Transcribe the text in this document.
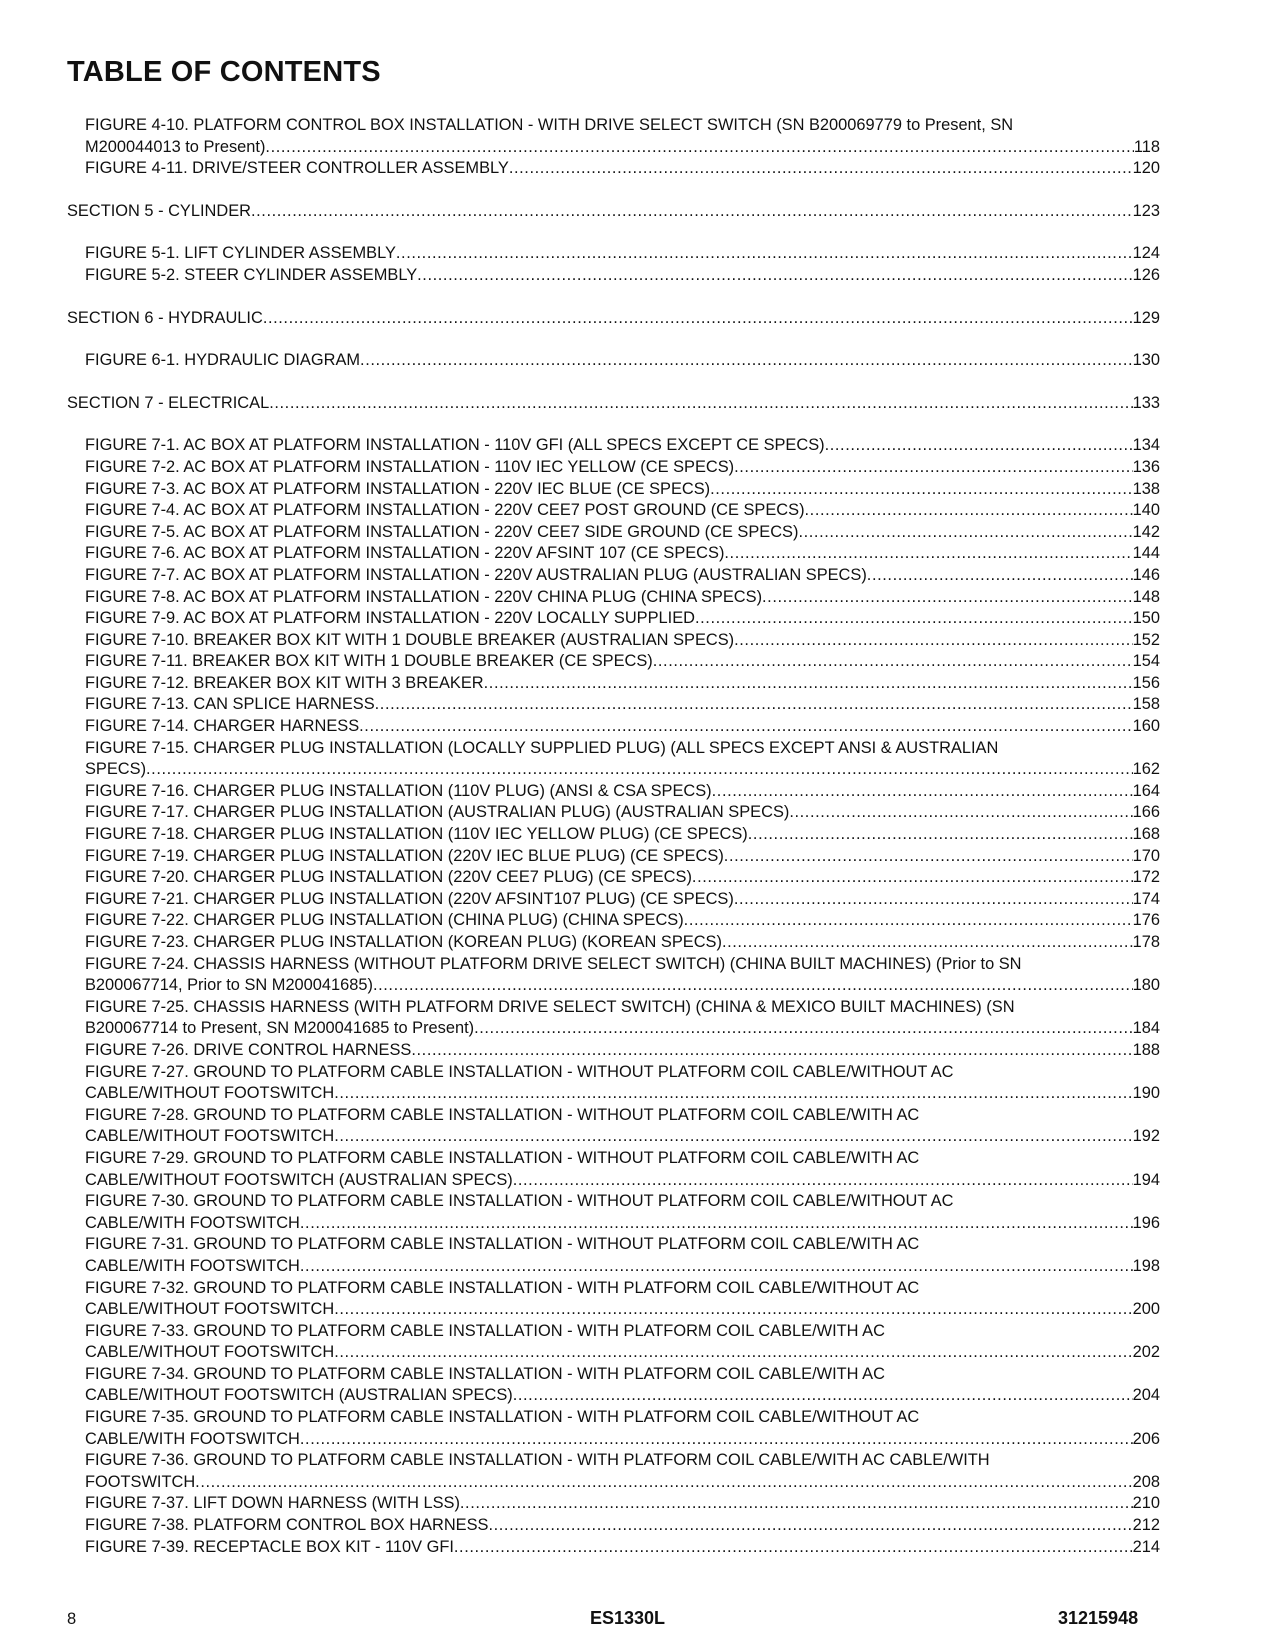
TABLE OF CONTENTS
FIGURE 4-10. PLATFORM CONTROL BOX INSTALLATION - WITH DRIVE SELECT SWITCH (SN B200069779 to Present, SN
M200044013 to Present) .....	118
FIGURE 4-11. DRIVE/STEER CONTROLLER ASSEMBLY .....	120
SECTION 5 - CYLINDER .....	123
FIGURE 5-1. LIFT CYLINDER ASSEMBLY .....	124
FIGURE 5-2. STEER CYLINDER ASSEMBLY .....	126
SECTION 6 - HYDRAULIC .....	129
FIGURE 6-1. HYDRAULIC DIAGRAM .....	130
SECTION 7 - ELECTRICAL .....	133
FIGURE 7-1. AC BOX AT PLATFORM INSTALLATION - 110V GFI (ALL SPECS EXCEPT CE SPECS) .....	134
FIGURE 7-2. AC BOX AT PLATFORM INSTALLATION - 110V IEC YELLOW (CE SPECS) .....	136
FIGURE 7-3. AC BOX AT PLATFORM INSTALLATION - 220V IEC BLUE (CE SPECS) .....	138
FIGURE 7-4. AC BOX AT PLATFORM INSTALLATION - 220V CEE7 POST GROUND (CE SPECS) .....	140
FIGURE 7-5. AC BOX AT PLATFORM INSTALLATION - 220V CEE7 SIDE GROUND (CE SPECS) .....	142
FIGURE 7-6. AC BOX AT PLATFORM INSTALLATION - 220V AFSINT 107 (CE SPECS) .....	144
FIGURE 7-7. AC BOX AT PLATFORM INSTALLATION - 220V AUSTRALIAN PLUG (AUSTRALIAN SPECS) .....	146
FIGURE 7-8. AC BOX AT PLATFORM INSTALLATION - 220V CHINA PLUG (CHINA SPECS) .....	148
FIGURE 7-9. AC BOX AT PLATFORM INSTALLATION - 220V LOCALLY SUPPLIED .....	150
FIGURE 7-10. BREAKER BOX KIT WITH 1 DOUBLE BREAKER (AUSTRALIAN SPECS) .....	152
FIGURE 7-11. BREAKER BOX KIT WITH 1 DOUBLE BREAKER (CE SPECS) .....	154
FIGURE 7-12. BREAKER BOX KIT WITH 3 BREAKER .....	156
FIGURE 7-13. CAN SPLICE HARNESS .....	158
FIGURE 7-14. CHARGER HARNESS .....	160
FIGURE 7-15. CHARGER PLUG INSTALLATION (LOCALLY SUPPLIED PLUG) (ALL SPECS EXCEPT ANSI & AUSTRALIAN
SPECS) .....	162
FIGURE 7-16. CHARGER PLUG INSTALLATION (110V PLUG) (ANSI & CSA SPECS) .....	164
FIGURE 7-17. CHARGER PLUG INSTALLATION (AUSTRALIAN PLUG) (AUSTRALIAN SPECS) .....	166
FIGURE 7-18. CHARGER PLUG INSTALLATION (110V IEC YELLOW PLUG) (CE SPECS) .....	168
FIGURE 7-19. CHARGER PLUG INSTALLATION (220V IEC BLUE PLUG) (CE SPECS) .....	170
FIGURE 7-20. CHARGER PLUG INSTALLATION (220V CEE7 PLUG) (CE SPECS) .....	172
FIGURE 7-21. CHARGER PLUG INSTALLATION (220V AFSINT107 PLUG) (CE SPECS) .....	174
FIGURE 7-22. CHARGER PLUG INSTALLATION (CHINA PLUG) (CHINA SPECS) .....	176
FIGURE 7-23. CHARGER PLUG INSTALLATION (KOREAN PLUG) (KOREAN SPECS) .....	178
FIGURE 7-24. CHASSIS HARNESS (WITHOUT PLATFORM DRIVE SELECT SWITCH) (CHINA BUILT MACHINES) (Prior to SN
B200067714, Prior to SN M200041685) .....	180
FIGURE 7-25. CHASSIS HARNESS (WITH PLATFORM DRIVE SELECT SWITCH) (CHINA & MEXICO BUILT MACHINES) (SN
B200067714 to Present, SN M200041685 to Present) .....	184
FIGURE 7-26. DRIVE CONTROL HARNESS .....	188
FIGURE 7-27. GROUND TO PLATFORM CABLE INSTALLATION - WITHOUT PLATFORM COIL CABLE/WITHOUT AC
CABLE/WITHOUT FOOTSWITCH .....	190
FIGURE 7-28. GROUND TO PLATFORM CABLE INSTALLATION - WITHOUT PLATFORM COIL CABLE/WITH AC
CABLE/WITHOUT FOOTSWITCH .....	192
FIGURE 7-29. GROUND TO PLATFORM CABLE INSTALLATION - WITHOUT PLATFORM COIL CABLE/WITH AC
CABLE/WITHOUT FOOTSWITCH (AUSTRALIAN SPECS) .....	194
FIGURE 7-30. GROUND TO PLATFORM CABLE INSTALLATION - WITHOUT PLATFORM COIL CABLE/WITHOUT AC
CABLE/WITH FOOTSWITCH .....	196
FIGURE 7-31. GROUND TO PLATFORM CABLE INSTALLATION - WITHOUT PLATFORM COIL CABLE/WITH AC
CABLE/WITH FOOTSWITCH .....	198
FIGURE 7-32. GROUND TO PLATFORM CABLE INSTALLATION - WITH PLATFORM COIL CABLE/WITHOUT AC
CABLE/WITHOUT FOOTSWITCH .....	200
FIGURE 7-33. GROUND TO PLATFORM CABLE INSTALLATION - WITH PLATFORM COIL CABLE/WITH AC
CABLE/WITHOUT FOOTSWITCH .....	202
FIGURE 7-34. GROUND TO PLATFORM CABLE INSTALLATION - WITH PLATFORM COIL CABLE/WITH AC
CABLE/WITHOUT FOOTSWITCH (AUSTRALIAN SPECS) .....	204
FIGURE 7-35. GROUND TO PLATFORM CABLE INSTALLATION - WITH PLATFORM COIL CABLE/WITHOUT AC
CABLE/WITH FOOTSWITCH .....	206
FIGURE 7-36. GROUND TO PLATFORM CABLE INSTALLATION - WITH PLATFORM COIL CABLE/WITH AC CABLE/WITH
FOOTSWITCH .....	208
FIGURE 7-37. LIFT DOWN HARNESS (WITH LSS) .....	210
FIGURE 7-38. PLATFORM CONTROL BOX HARNESS .....	212
FIGURE 7-39. RECEPTACLE BOX KIT - 110V GFI .....	214
8	ES1330L	31215948
